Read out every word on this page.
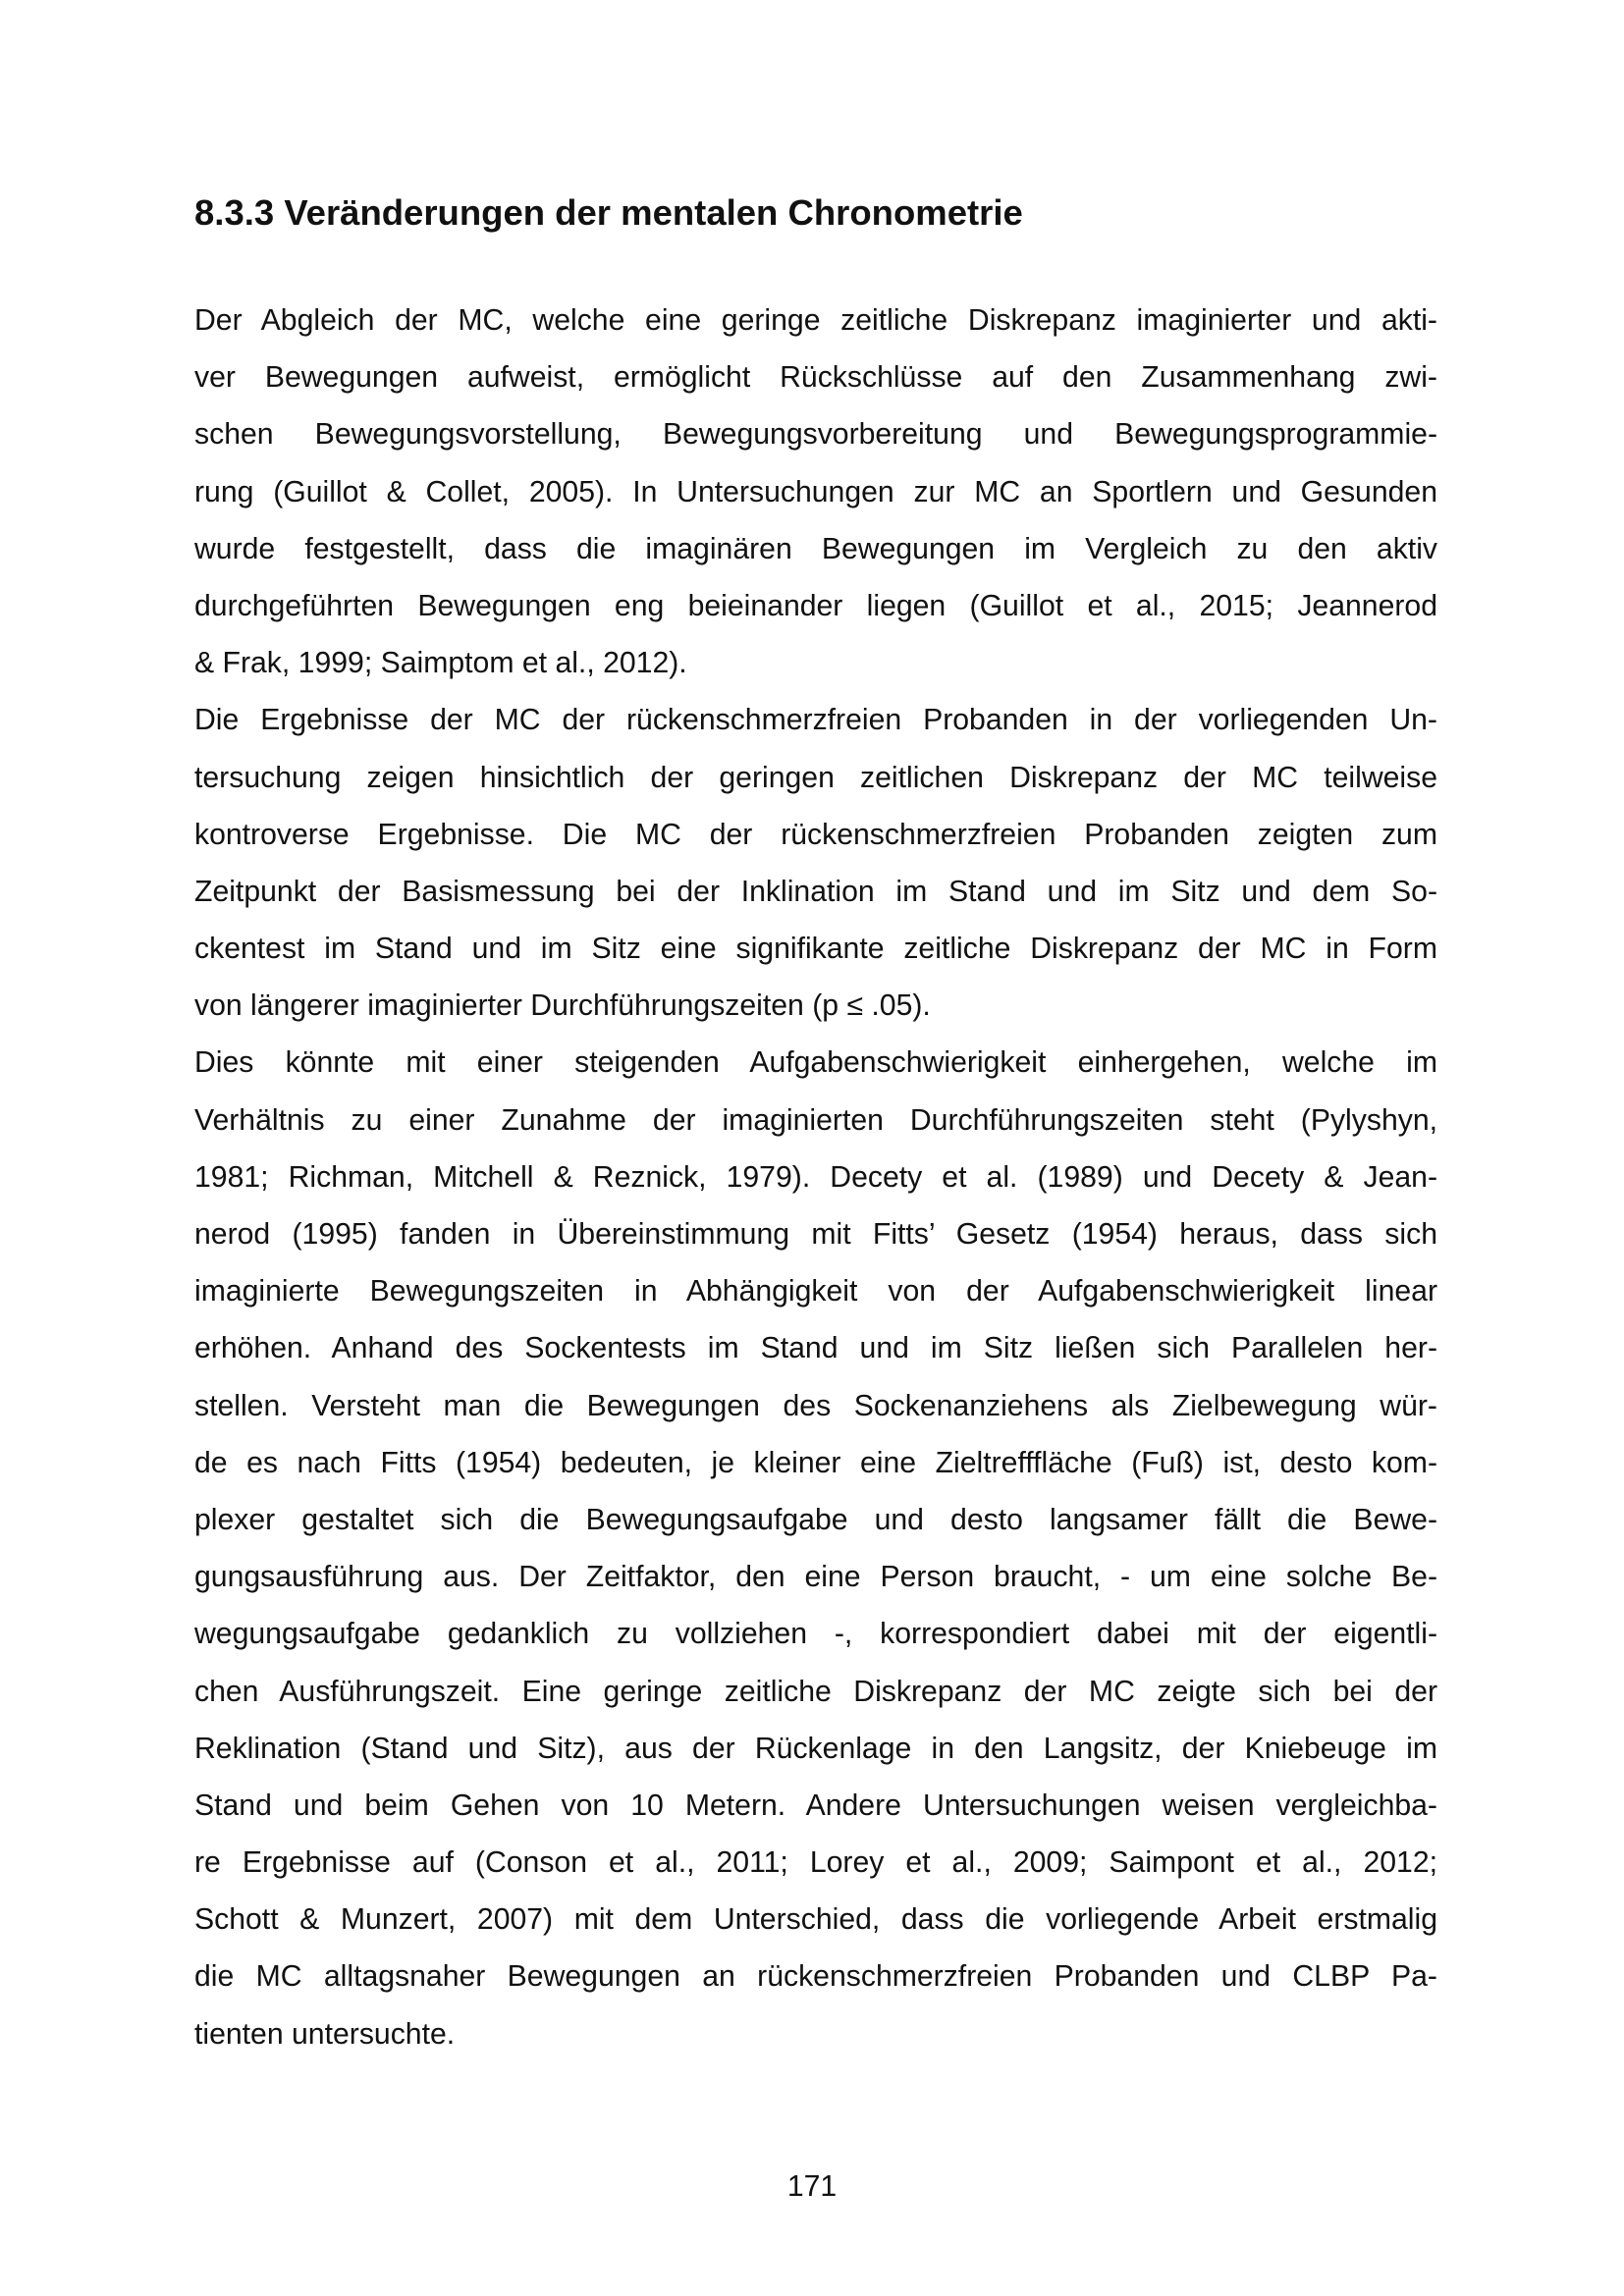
8.3.3 Veränderungen der mentalen Chronometrie

Der Abgleich der MC, welche eine geringe zeitliche Diskrepanz imaginierter und akti-
ver Bewegungen aufweist, ermöglicht Rückschlüsse auf den Zusammenhang zwi-
schen Bewegungsvorstellung, Bewegungsvorbereitung und Bewegungsprogrammie-
rung (Guillot & Collet, 2005). In Untersuchungen zur MC an Sportlern und Gesunden
wurde festgestellt, dass die imaginären Bewegungen im Vergleich zu den aktiv
durchgeführten Bewegungen eng beieinander liegen (Guillot et al., 2015; Jeannerod
& Frak, 1999; Saimptom et al., 2012).

Die Ergebnisse der MC der rückenschmerzfreien Probanden in der vorliegenden Un-
tersuchung zeigen hinsichtlich der geringen zeitlichen Diskrepanz der MC teilweise
kontroverse Ergebnisse. Die MC der rückenschmerzfreien Probanden zeigten zum
Zeitpunkt der Basismessung bei der Inklination im Stand und im Sitz und dem So-
ckentest im Stand und im Sitz eine signifikante zeitliche Diskrepanz der MC in Form
von längerer imaginierter Durchführungszeiten (p ≤ .05).

Dies könnte mit einer steigenden Aufgabenschwierigkeit einhergehen, welche im
Verhältnis zu einer Zunahme der imaginierten Durchführungszeiten steht (Pylyshyn,
1981; Richman, Mitchell & Reznick, 1979). Decety et al. (1989) und Decety & Jean-
nerod (1995) fanden in Übereinstimmung mit Fitts’ Gesetz (1954) heraus, dass sich
imaginierte Bewegungszeiten in Abhängigkeit von der Aufgabenschwierigkeit linear
erhöhen. Anhand des Sockentests im Stand und im Sitz ließen sich Parallelen her-
stellen. Versteht man die Bewegungen des Sockenanziehens als Zielbewegung wür-
de es nach Fitts (1954) bedeuten, je kleiner eine Zieltrefffläche (Fuß) ist, desto kom-
plexer gestaltet sich die Bewegungsaufgabe und desto langsamer fällt die Bewe-
gungsausführung aus. Der Zeitfaktor, den eine Person braucht, - um eine solche Be-
wegungsaufgabe gedanklich zu vollziehen -, korrespondiert dabei mit der eigentli-
chen Ausführungszeit. Eine geringe zeitliche Diskrepanz der MC zeigte sich bei der
Reklination (Stand und Sitz), aus der Rückenlage in den Langsitz, der Kniebeuge im
Stand und beim Gehen von 10 Metern. Andere Untersuchungen weisen vergleichba-
re Ergebnisse auf (Conson et al., 2011; Lorey et al., 2009; Saimpont et al., 2012;
Schott & Munzert, 2007) mit dem Unterschied, dass die vorliegende Arbeit erstmalig
die MC alltagsnaher Bewegungen an rückenschmerzfreien Probanden und CLBP Pa-
tienten untersuchte.

171
